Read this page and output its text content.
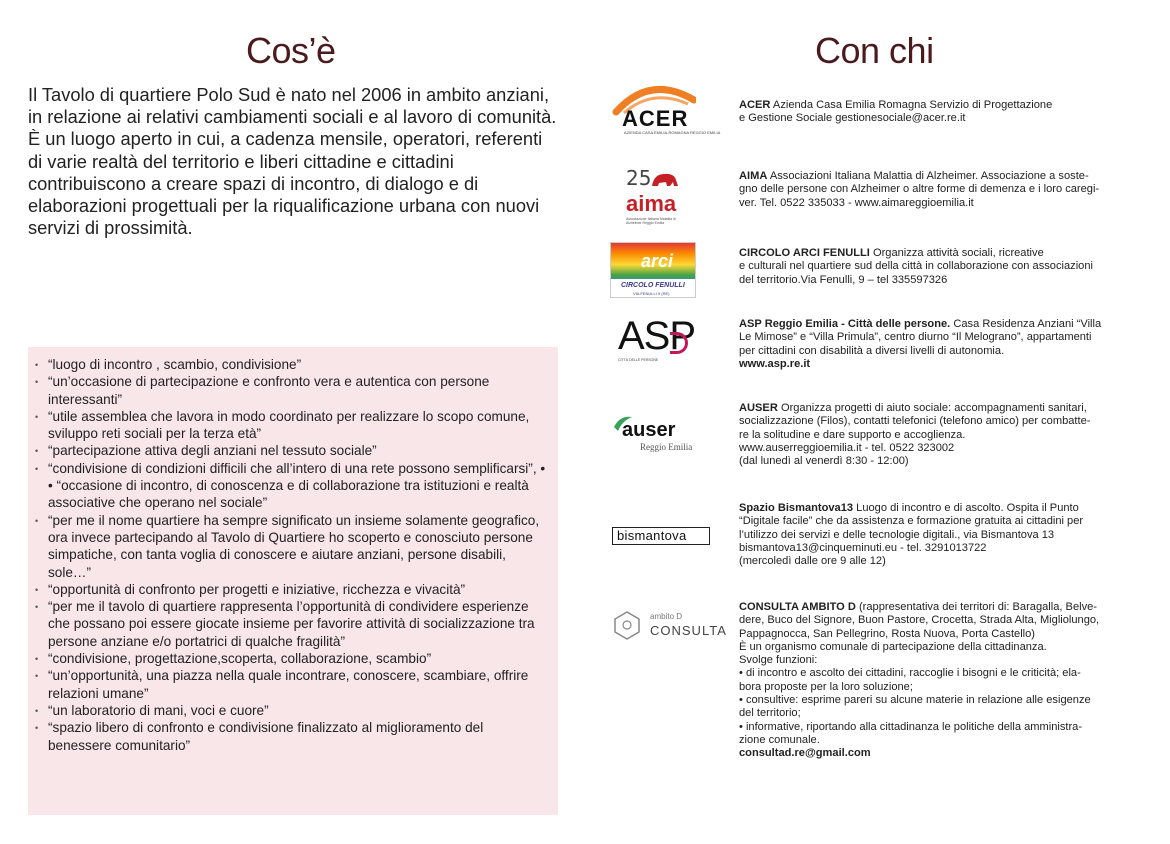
Cos’è
Il Tavolo di quartiere Polo Sud è nato nel 2006 in ambito anziani, in relazione ai relativi cambiamenti sociali e al lavoro di comunità. È un luogo aperto in cui, a cadenza mensile, operatori, referenti di varie realtà del territorio e liberi cittadine e cittadini contribuiscono a creare spazi di incontro, di dialogo e di elaborazioni progettuali per la riqualificazione urbana con nuovi servizi di prossimità.
• “luogo di incontro , scambio, condivisione”
• “un’occasione di partecipazione e confronto vera e autentica con persone interessanti”
• “utile assemblea che lavora in modo coordinato per realizzare lo scopo comune, sviluppo reti sociali per la terza età”
• “partecipazione attiva degli anziani nel tessuto sociale”
• “condivisione di condizioni difficili che all’intero di una rete possono semplificarsi”, • • “occasione di incontro, di conoscenza e di collaborazione tra istituzioni e realtà associative che operano nel sociale”
• “per me il nome quartiere ha sempre significato un insieme solamente geografico, ora invece partecipando al Tavolo di Quartiere ho scoperto e conosciuto persone simpatiche, con tanta voglia di conoscere e aiutare anziani, persone disabili, sole…”
• “opportunità di confronto per progetti e iniziative, ricchezza e vivacità”
• “per me il tavolo di quartiere rappresenta l’opportunità di condividere esperienze che possano poi essere giocate insieme per favorire attività di socializzazione tra persone anziane e/o portatrici di qualche fragilità”
• “condivisione, progettazione,scoperta, collaborazione, scambio”
• “un’opportunità, una piazza nella quale incontrare, conoscere, scambiare, offrire relazioni umane”
• “un laboratorio di mani, voci e cuore”
• “spazio libero di confronto e condivisione finalizzato al miglioramento del benessere comunitario”
Con chi
ACER
AZIENDA CASA EMILIA-ROMAGNA REGGIO EMILIA
ACER Azienda Casa Emilia Romagna Servizio di Progettazione
e Gestione Sociale gestionesociale@acer.re.it
25
aima
Associazione Italiana Malattia di Alzheimer Reggio Emilia
AIMA Associazioni Italiana Malattia di Alzheimer. Associazione a soste-
gno delle persone con Alzheimer o altre forme di demenza e i loro caregi-
ver. Tel. 0522 335033 - www.aimareggioemilia.it
arci
CIRCOLO FENULLI
VIA FENULLI 9 (RE)
CIRCOLO ARCI FENULLI Organizza attività sociali, ricreative
e culturali nel quartiere sud della città in collaborazione con associazioni
del territorio.Via Fenulli, 9 – tel 335597326
ASP
CITTÀ DELLE PERSONE
ASP Reggio Emilia - Città delle persone. Casa Residenza Anziani “Villa
Le Mimose” e “Villa Primula”, centro diurno “Il Melograno”, appartamenti
per cittadini con disabilità a diversi livelli di autonomia.
www.asp.re.it
auser
Reggio Emilia
AUSER Organizza progetti di aiuto sociale: accompagnamenti sanitari,
socializzazione (Filos), contatti telefonici (telefono amico) per combatte-
re la solitudine e dare supporto e accoglienza.
www.auserreggioemilia.it - tel. 0522 323002
(dal lunedì al venerdì 8:30 - 12:00)
bismantova
Spazio Bismantova13 Luogo di incontro e di ascolto. Ospita il Punto
“Digitale facile” che da assistenza e formazione gratuita ai cittadini per
l’utilizzo dei servizi e delle tecnologie digitali., via Bismantova 13
bismantova13@cinqueminuti.eu - tel. 3291013722
(mercoledì dalle ore 9 alle 12)
ambito D
CONSULTA
CONSULTA AMBITO D (rappresentativa dei territori di: Baragalla, Belve-
dere, Buco del Signore, Buon Pastore, Crocetta, Strada Alta, Migliolungo,
Pappagnocca, San Pellegrino, Rosta Nuova, Porta Castello)
È un organismo comunale di partecipazione della cittadinanza.
Svolge funzioni:
• di incontro e ascolto dei cittadini, raccoglie i bisogni e le criticità; ela-
bora proposte per la loro soluzione;
• consultive: esprime pareri su alcune materie in relazione alle esigenze
del territorio;
• informative, riportando alla cittadinanza le politiche della amministra-
zione comunale.
consultad.re@gmail.com
